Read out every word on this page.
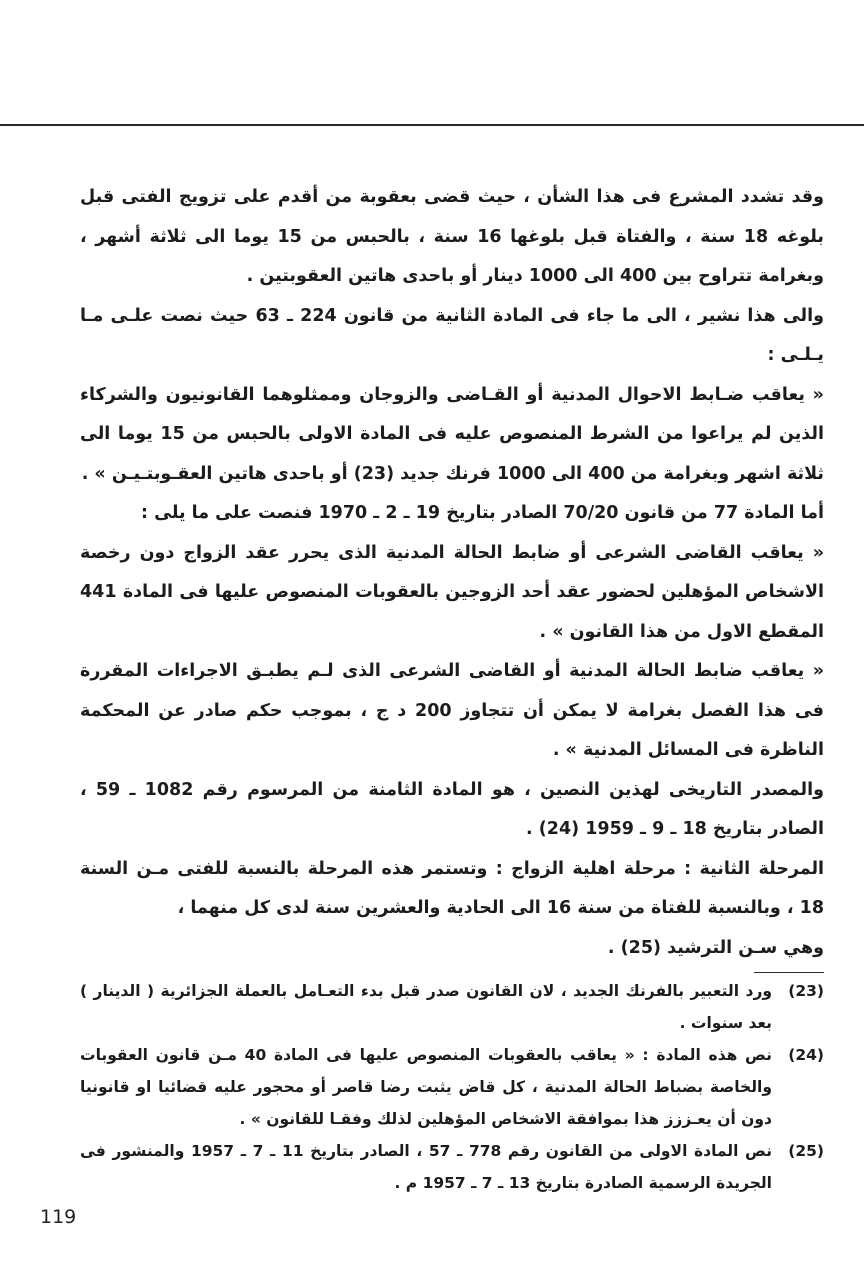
وقد تشدد المشرع فى هذا الشأن ، حيث قضى بعقوبة من أقدم على تزويج الفتى قبل بلوغه 18 سنة ، والفتاة قبل بلوغها 16 سنة ، بالحبس من 15 يوما الى ثلاثة أشهر ، وبغرامة تتراوح بين 400 الى 1000 دينار أو باحدى هاتين العقوبتين .

والى هذا نشير ، الى ما جاء فى المادة الثانية من قانون 224 ـ 63 حيث نصت علـى مـا يـلـى :

« يعاقب ضـابط الاحوال المدنية أو القـاضى والزوجان وممثلوهما القانونيون والشركاء الذين لم يراعوا من الشرط المنصوص عليه فى المادة الاولى بالحبس من 15 يوما الى ثلاثة اشهر وبغرامة من 400 الى 1000 فرنك جديد (23) أو باحدى هاتين العقـوبتـيـن » .

أما المادة 77 من قانون 70/20 الصادر بتاريخ 19 ـ 2 ـ 1970 فنصت على ما يلى :

« يعاقب القاضى الشرعى أو ضابط الحالة المدنية الذى يحرر عقد الزواج دون رخصة الاشخاص المؤهلين لحضور عقد أحد الزوجين بالعقوبات المنصوص عليها فى المادة 441 المقطع الاول من هذا القانون » .

« يعاقب ضابط الحالة المدنية أو القاضى الشرعى الذى لـم يطبـق الاجراءات المقررة فى هذا الفصل بغرامة لا يمكن أن تتجاوز 200 د ج ، بموجب حكم صادر عن المحكمة الناظرة فى المسائل المدنية » .

والمصدر التاريخى لهذين النصين ، هو المادة الثامنة من المرسوم رقم 1082 ـ 59 ، الصادر بتاريخ 18 ـ 9 ـ 1959 (24) .

المرحلة الثانية : مرحلة اهلية الزواج : وتستمر هذه المرحلة بالنسبة للفتى مـن السنة 18 ، وبالنسبة للفتاة من سنة 16 الى الحادية والعشرين سنة لدى كل منهما ،

وهي سـن الترشيد (25) .

(23)
ورد التعبير بالفرنك الجديد ، لان القانون صدر قبل بدء التعـامل بالعملة الجزائرية ( الدينار ) بعد سنوات .
(24)
نص هذه المادة : « يعاقب بالعقوبات المنصوص عليها فى المادة 40 مـن قانون العقوبات والخاصة بضباط الحالة المدنية ، كل قاض يثبت رضا قاصر أو محجور عليه قضائيا او قانونيا دون أن يعـززز هذا بموافقة الاشخاص المؤهلين لذلك وفقـا للقانون » .
(25)
نص المادة الاولى من القانون رقم 778 ـ 57 ، الصادر بتاريخ 11 ـ 7 ـ 1957 والمنشور فى الجريدة الرسمية الصادرة بتاريخ 13 ـ 7 ـ 1957 م .
119
